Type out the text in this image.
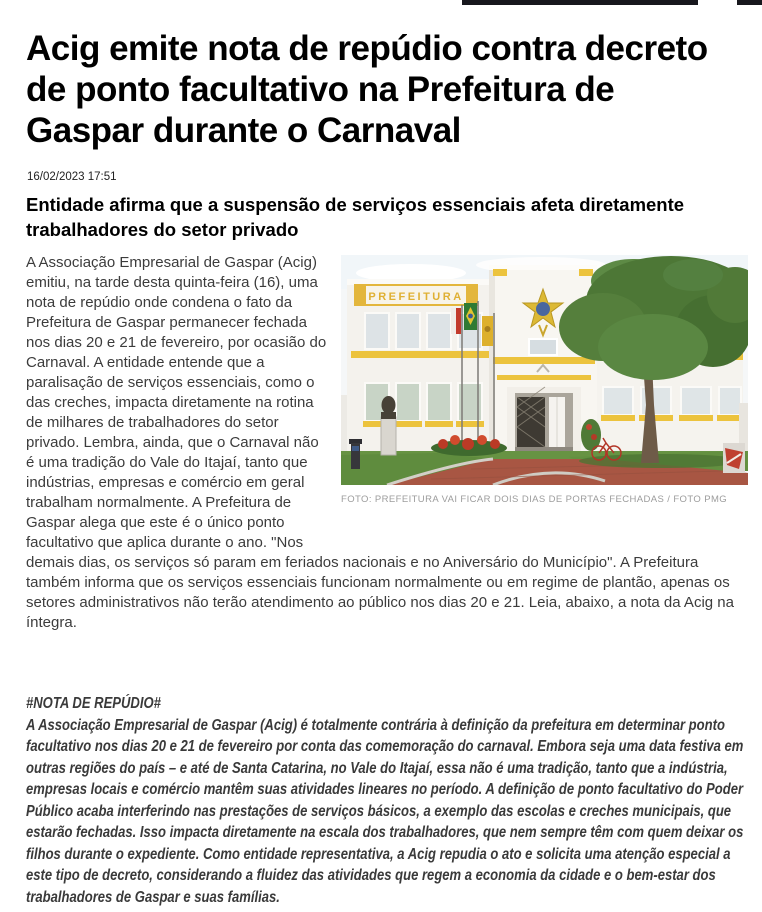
Acig emite nota de repúdio contra decreto de ponto facultativo na Prefeitura de Gaspar durante o Carnaval
16/02/2023 17:51
Entidade afirma que a suspensão de serviços essenciais afeta diretamente trabalhadores do setor privado
PREFEITURA
FOTO: PREFEITURA VAI FICAR DOIS DIAS DE PORTAS FECHADAS / FOTO PMG

A Associação Empresarial de Gaspar (Acig) emitiu, na tarde desta quinta-feira (16), uma nota de repúdio onde condena o fato da Prefeitura de Gaspar permanecer fechada nos dias 20 e 21 de fevereiro, por ocasião do Carnaval. A entidade entende que a paralisação de serviços essenciais, como o das creches, impacta diretamente na rotina de milhares de trabalhadores do setor privado. Lembra, ainda, que o Carnaval não é uma tradição do Vale do Itajaí, tanto que indústrias, empresas e comércio em geral trabalham normalmente. A Prefeitura de Gaspar alega que este é o único ponto facultativo que aplica durante o ano. "Nos demais dias, os serviços só param em feriados nacionais e no Aniversário do Município". A Prefeitura também informa que os serviços essenciais funcionam normalmente ou em regime de plantão, apenas os setores administrativos não terão atendimento ao público nos dias 20 e 21. Leia, abaixo, a nota da Acig na íntegra.

#NOTA DE REPÚDIO#

A Associação Empresarial de Gaspar (Acig) é totalmente contrária à definição da prefeitura em determinar ponto facultativo nos dias 20 e 21 de fevereiro por conta das comemoração do carnaval. Embora seja uma data festiva em outras regiões do país – e até de Santa Catarina, no Vale do Itajaí, essa não é uma tradição, tanto que a indústria, empresas locais e comércio mantêm suas atividades lineares no período. A definição de ponto facultativo do Poder Público acaba interferindo nas prestações de serviços básicos, a exemplo das escolas e creches municipais, que estarão fechadas. Isso impacta diretamente na escala dos trabalhadores, que nem sempre têm com quem deixar os filhos durante o expediente. Como entidade representativa, a Acig repudia o ato e solicita uma atenção especial a este tipo de decreto, considerando a fluidez das atividades que regem a economia da cidade e o bem-estar dos trabalhadores de Gaspar e suas famílias.
